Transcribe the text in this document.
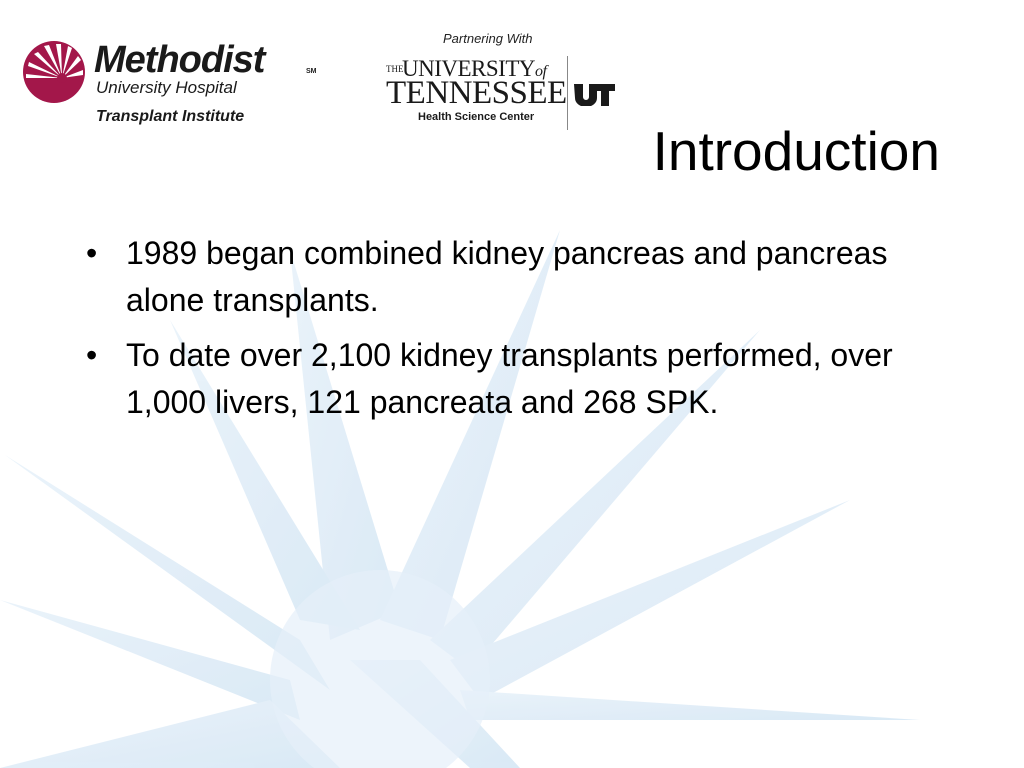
Methodist	SM
University Hospital
Transplant Institute
Partnering With
THE
UNIVERSITYof
TENNESSEE
Health Science Center
Introduction
• 1989 began combined kidney pancreas and pancreas alone transplants.
• To date over 2,100 kidney transplants performed, over 1,000 livers, 121 pancreata and 268 SPK.
